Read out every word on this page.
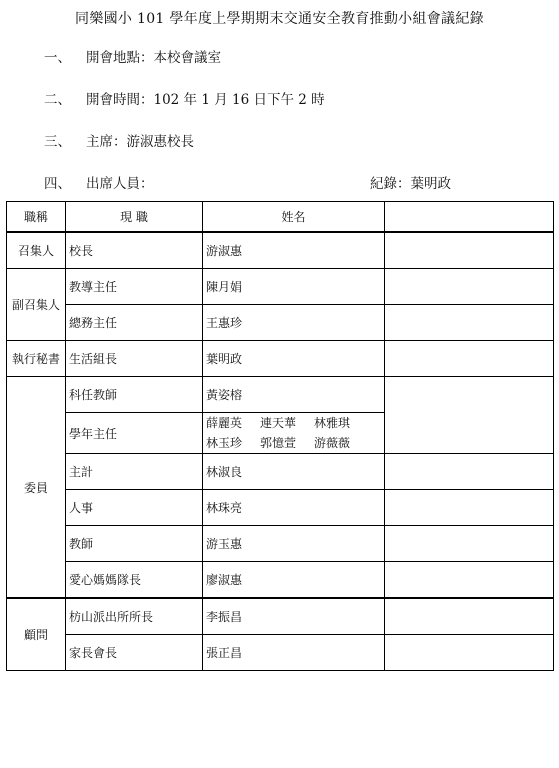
同樂國小 101 學年度上學期期末交通安全教育推動小組會議紀錄
一、 開會地點：本校會議室
二、 開會時間：102 年 1 月 16 日下午 2 時
三、 主席：游淑惠校長
四、 出席人員：	紀錄：葉明政
職稱	現 職	姓名	
召集人	校長	游淑惠	
副召集人	教導主任	陳月娟	
	總務主任	王惠珍	
執行秘書	生活組長	葉明政	
委員	科任教師	黃姿榕	
	學年主任	薛麗英 連天華 林雅琪
林玉珍 郭憶萱 游薇薇	

	主計	林淑良	
	人事	林珠亮	
	教師	游玉惠	
	愛心媽媽隊長	廖淑惠	
顧問	枋山派出所所長	李振昌	
	家長會長	張正昌	
